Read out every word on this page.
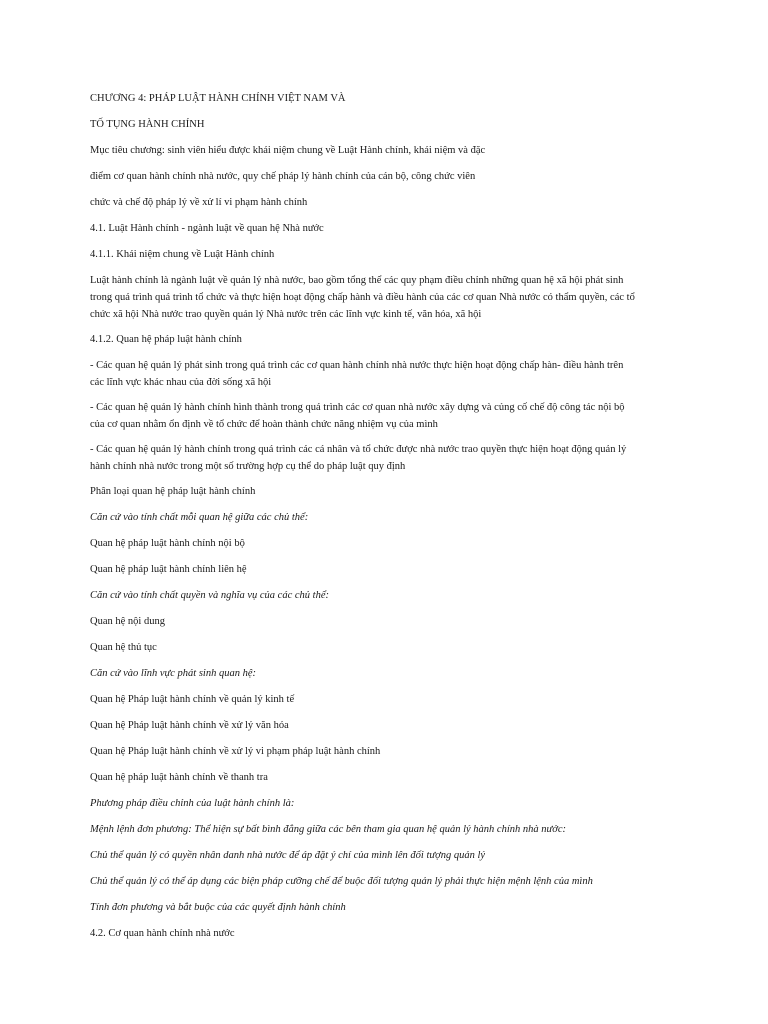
CHƯƠNG 4: PHÁP LUẬT HÀNH CHÍNH VIỆT NAM VÀ

TỐ TỤNG HÀNH CHÍNH

Mục tiêu chương: sinh viên hiểu được khái niệm chung về Luật Hành chính, khái niệm và đặc

điểm cơ quan hành chính nhà nước, quy chế pháp lý hành chính của cán bộ, công chức viên

chức và chế độ pháp lý về xử lí vi phạm hành chính

4.1. Luật Hành chính - ngành luật về quan hệ Nhà nước

4.1.1. Khái niệm chung về Luật Hành chính

Luật hành chính là ngành luật về quản lý nhà nước, bao gồm tổng thể các quy phạm điều chỉnh những quan hệ xã hội phát sinh

trong quá trình quá trình tổ chức và thực hiện hoạt động chấp hành và điều hành của các cơ quan Nhà nước có thẩm quyền, các tổ

chức xã hội Nhà nước trao quyền quản lý Nhà nước trên các lĩnh vực kinh tế, văn hóa, xã hội

4.1.2. Quan hệ pháp luật hành chính

- Các quan hệ quản lý phát sinh trong quá trình các cơ quan hành chính nhà nước thực hiện hoạt động chấp hàn- điều hành trên

các lĩnh vực khác nhau của đời sống xã hội

- Các quan hệ quản lý hành chính hình thành trong quá trình các cơ quan nhà nước xây dựng và củng cố chế độ công tác nội bộ

của cơ quan nhằm ổn định về tổ chức để hoàn thành chức năng nhiệm vụ của mình

- Các quan hệ quản lý hành chính trong quá trình các cá nhân và tổ chức được nhà nước trao quyền thực hiện hoạt động quản lý

hành chính nhà nước trong một số trường hợp cụ thể do pháp luật quy định

Phân loại quan hệ pháp luật hành chính

Căn cứ vào tính chất mỗi quan hệ giữa các chủ thể:

Quan hệ pháp luật hành chính nội bộ

Quan hệ pháp luật hành chính liên hệ

Căn cứ vào tính chất quyền và nghĩa vụ của các chủ thể:

Quan hệ nội dung

Quan hệ thủ tục

Căn cứ vào lĩnh vực phát sinh quan hệ:

Quan hệ Pháp luật hành chính về quản lý kinh tế

Quan hệ Pháp luật hành chính về xử lý văn hóa

Quan hệ Pháp luật hành chính về xử lý vi phạm pháp luật hành chính

Quan hệ pháp luật hành chính về thanh tra

Phương pháp điều chỉnh của luật hành chính là:

Mệnh lệnh đơn phương: Thể hiện sự bất bình đẳng giữa các bên tham gia quan hệ quản lý hành chính nhà nước:

Chủ thể quản lý có quyền nhân danh nhà nước để áp đặt ý chí của mình lên đối tượng quản lý

Chủ thể quản lý có thể áp dụng các biện pháp cưỡng chế để buộc đối tượng quản lý phải thực hiện mệnh lệnh của mình

Tính đơn phương và bắt buộc của các quyết định hành chính

4.2. Cơ quan hành chính nhà nước
